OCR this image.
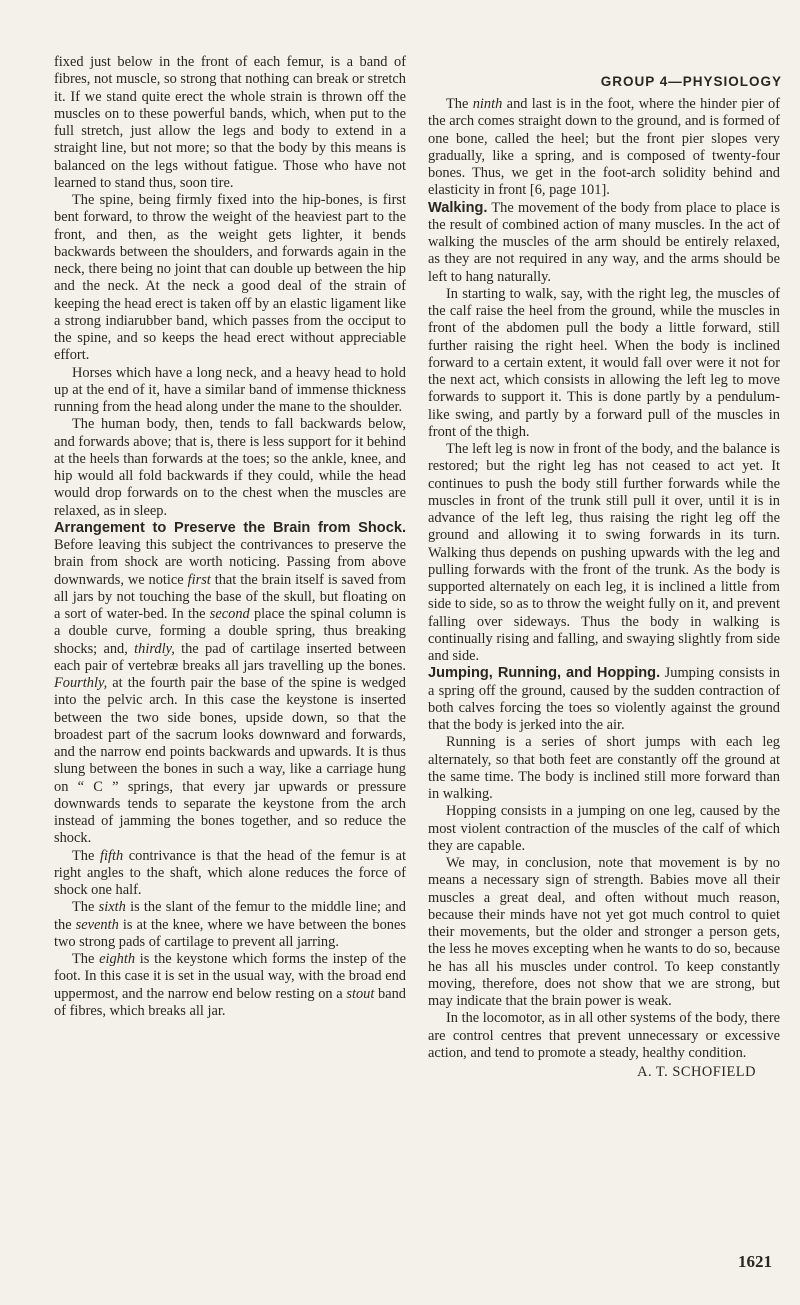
GROUP 4—PHYSIOLOGY

fixed just below in the front of each femur, is a band of fibres, not muscle, so strong that nothing can break or stretch it. If we stand quite erect the whole strain is thrown off the muscles on to these powerful bands, which, when put to the full stretch, just allow the legs and body to extend in a straight line, but not more; so that the body by this means is balanced on the legs without fatigue. Those who have not learned to stand thus, soon tire.

The spine, being firmly fixed into the hip-bones, is first bent forward, to throw the weight of the heaviest part to the front, and then, as the weight gets lighter, it bends backwards between the shoulders, and forwards again in the neck, there being no joint that can double up between the hip and the neck. At the neck a good deal of the strain of keeping the head erect is taken off by an elastic ligament like a strong indiarubber band, which passes from the occiput to the spine, and so keeps the head erect without appreciable effort.

Horses which have a long neck, and a heavy head to hold up at the end of it, have a similar band of immense thickness running from the head along under the mane to the shoulder.

The human body, then, tends to fall backwards below, and forwards above; that is, there is less support for it behind at the heels than forwards at the toes; so the ankle, knee, and hip would all fold backwards if they could, while the head would drop forwards on to the chest when the muscles are relaxed, as in sleep.

Arrangement to Preserve the Brain from Shock. Before leaving this subject the contrivances to preserve the brain from shock are worth noticing. Passing from above downwards, we notice first that the brain itself is saved from all jars by not touching the base of the skull, but floating on a sort of water-bed. In the second place the spinal column is a double curve, forming a double spring, thus breaking shocks; and, thirdly, the pad of cartilage inserted between each pair of vertebræ breaks all jars travelling up the bones. Fourthly, at the fourth pair the base of the spine is wedged into the pelvic arch. In this case the keystone is inserted between the two side bones, upside down, so that the broadest part of the sacrum looks downward and forwards, and the narrow end points backwards and upwards. It is thus slung between the bones in such a way, like a carriage hung on “ C ” springs, that every jar upwards or pressure downwards tends to separate the keystone from the arch instead of jamming the bones together, and so reduce the shock.

The fifth contrivance is that the head of the femur is at right angles to the shaft, which alone reduces the force of shock one half.

The sixth is the slant of the femur to the middle line; and the seventh is at the knee, where we have between the bones two strong pads of cartilage to prevent all jarring.

The eighth is the keystone which forms the instep of the foot. In this case it is set in the usual way, with the broad end uppermost, and the narrow end below resting on a stout band of fibres, which breaks all jar.

The ninth and last is in the foot, where the hinder pier of the arch comes straight down to the ground, and is formed of one bone, called the heel; but the front pier slopes very gradually, like a spring, and is composed of twenty-four bones. Thus, we get in the foot-arch solidity behind and elasticity in front [6, page 101].

Walking. The movement of the body from place to place is the result of combined action of many muscles. In the act of walking the muscles of the arm should be entirely relaxed, as they are not required in any way, and the arms should be left to hang naturally.

In starting to walk, say, with the right leg, the muscles of the calf raise the heel from the ground, while the muscles in front of the abdomen pull the body a little forward, still further raising the right heel. When the body is inclined forward to a certain extent, it would fall over were it not for the next act, which consists in allowing the left leg to move forwards to support it. This is done partly by a pendulum-like swing, and partly by a forward pull of the muscles in front of the thigh.

The left leg is now in front of the body, and the balance is restored; but the right leg has not ceased to act yet. It continues to push the body still further forwards while the muscles in front of the trunk still pull it over, until it is in advance of the left leg, thus raising the right leg off the ground and allowing it to swing forwards in its turn. Walking thus depends on pushing upwards with the leg and pulling forwards with the front of the trunk. As the body is supported alternately on each leg, it is inclined a little from side to side, so as to throw the weight fully on it, and prevent falling over sideways. Thus the body in walking is continually rising and falling, and swaying slightly from side and side.

Jumping, Running, and Hopping. Jumping consists in a spring off the ground, caused by the sudden contraction of both calves forcing the toes so violently against the ground that the body is jerked into the air.

Running is a series of short jumps with each leg alternately, so that both feet are constantly off the ground at the same time. The body is inclined still more forward than in walking.

Hopping consists in a jumping on one leg, caused by the most violent contraction of the muscles of the calf of which they are capable.

We may, in conclusion, note that movement is by no means a necessary sign of strength. Babies move all their muscles a great deal, and often without much reason, because their minds have not yet got much control to quiet their movements, but the older and stronger a person gets, the less he moves excepting when he wants to do so, because he has all his muscles under control. To keep constantly moving, therefore, does not show that we are strong, but may indicate that the brain power is weak.

In the locomotor, as in all other systems of the body, there are control centres that prevent unnecessary or excessive action, and tend to promote a steady, healthy condition.

A. T. SCHOFIELD
1621
